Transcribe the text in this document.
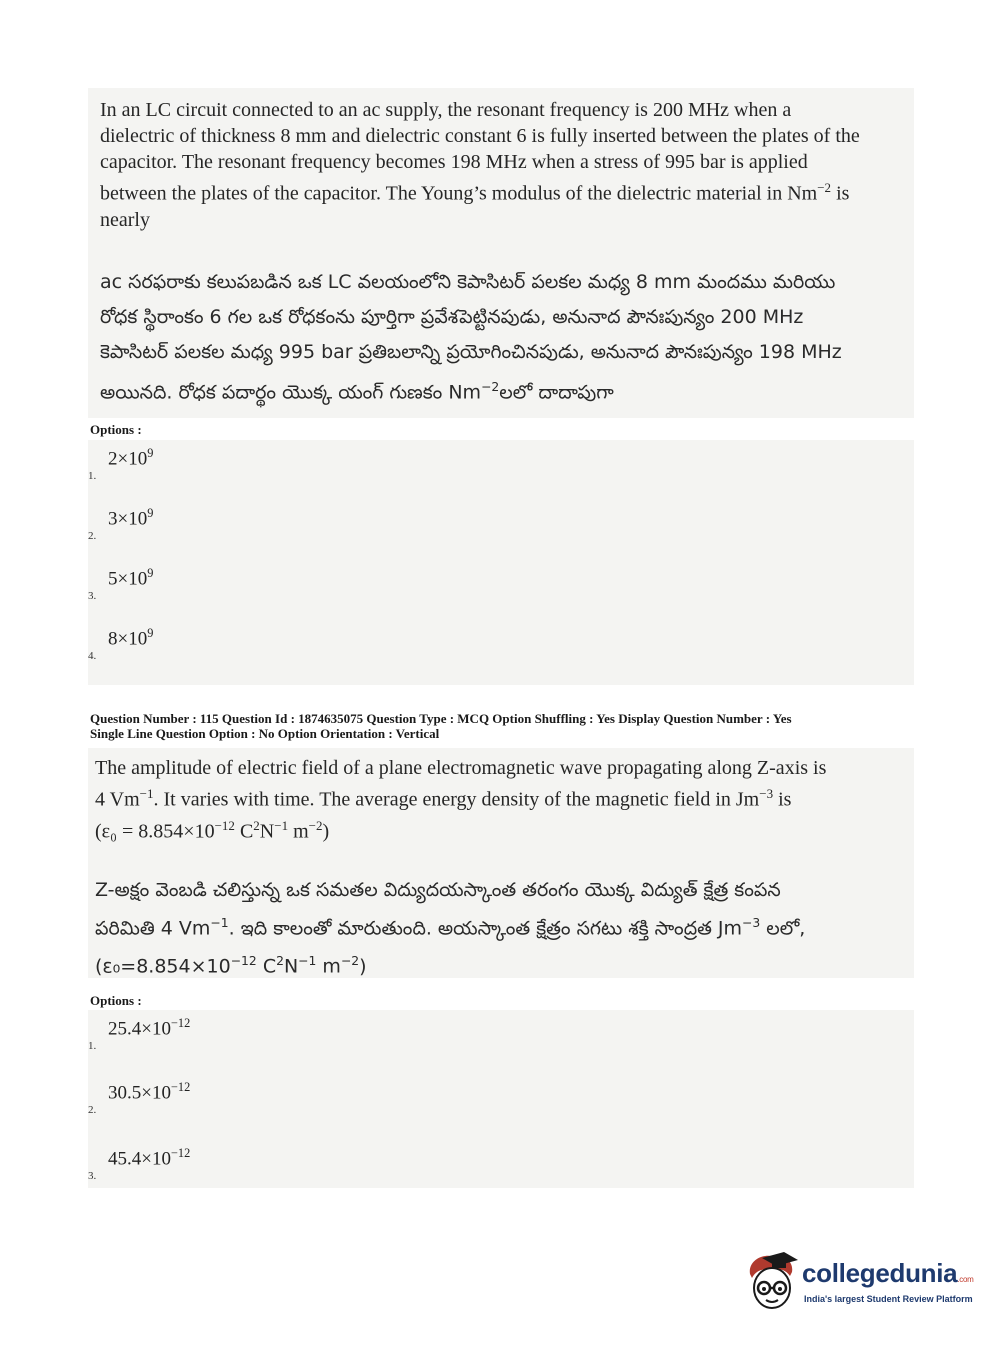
In an LC circuit connected to an ac supply, the resonant frequency is 200 MHz when a dielectric of thickness 8 mm and dielectric constant 6 is fully inserted between the plates of the capacitor. The resonant frequency becomes 198 MHz when a stress of 995 bar is applied between the plates of the capacitor. The Young’s modulus of the dielectric material in $Nm^{-2}$ is nearly
ac సరఫరాకు కలుపబడిన ఒక LC వలయంలోని కెపాసిటర్ పలకల మధ్య 8 mm మందము మరియు రోధక స్థిరాంకం 6 గల ఒక రోధకంను పూర్తిగా ప్రవేశపెట్టినపుడు, అనునాద పౌనఃపున్యం 200 MHz కెపాసిటర్ పలకల మధ్య 995 bar ప్రతిబలాన్ని ప్రయోగించినపుడు, అనునాద పౌనఃపున్యం 198 MHz అయినది. రోధక పదార్థం యొక్క యంగ్ గుణకం $Nm^{-2}లలో$ దాదాపుగా
Options :
1.
$2\times 10^9$
2.
$3\times 10^9$
3.
$5\times 10^9$
4.
$8\times 10^9$
Question Number : 115 Question Id : 1874635075 Question Type : MCQ Option Shuffling : Yes Display Question Number : Yes
Single Line Question Option : No Option Orientation : Vertical
The amplitude of electric field of a plane electromagnetic wave propagating along Z-axis is
4 $Vm^{-1}$. It varies with time. The average energy density of the magnetic field in $Jm^{-3}$ is
($\varepsilon_0 = 8.854\times 10^{-12}$ $C^2N^{-1}$ $m^{-2}$)
Z-అక్షం వెంబడి చలిస్తున్న ఒక సమతల విద్యుదయస్కాంత తరంగం యొక్క విద్యుత్ క్షేత్ర కంపన
పరిమితి 4 $Vm^{-1}$. ఇది కాలంతో మారుతుంది. అయస్కాంత క్షేత్రం సగటు శక్తి సాంద్రత $Jm^{-3}$ లలో,
($\varepsilon_0=8.854\times 10^{-12}$ $C^2N^{-1}$ $m^{-2}$)
Options :
1.
$25.4\times 10^{-12}$
2.
$30.5\times 10^{-12}$
3.
$45.4\times 10^{-12}$
collegedunia.com
India's largest Student Review Platform
